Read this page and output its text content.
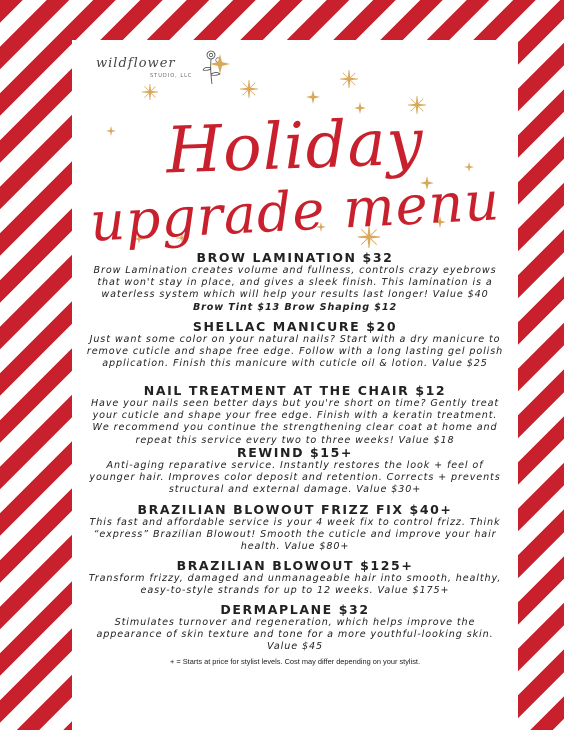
wildflower
STUDIO, LLC
Holiday
upgrade menu
BROW LAMINATION $32
Brow Lamination creates volume and fullness, controls crazy eyebrows that won't stay in place, and gives a sleek finish. This lamination is a waterless system which will help your results last longer! Value $40 Brow Tint $13 Brow Shaping $12
SHELLAC MANICURE $20
Just want some color on your natural nails? Start with a dry manicure to remove cuticle and shape free edge. Follow with a long lasting gel polish application. Finish this manicure with cuticle oil & lotion. Value $25
NAIL TREATMENT AT THE CHAIR $12
Have your nails seen better days but you're short on time? Gently treat your cuticle and shape your free edge. Finish with a keratin treatment. We recommend you continue the strengthening clear coat at home and repeat this service every two to three weeks! Value $18
REWIND $15+
Anti-aging reparative service. Instantly restores the look + feel of younger hair. Improves color deposit and retention. Corrects + prevents structural and external damage. Value $30+
BRAZILIAN BLOWOUT FRIZZ FIX $40+
This fast and affordable service is your 4 week fix to control frizz. Think “express” Brazilian Blowout! Smooth the cuticle and improve your hair health. Value $80+
BRAZILIAN BLOWOUT $125+
Transform frizzy, damaged and unmanageable hair into smooth, healthy, easy-to-style strands for up to 12 weeks. Value $175+
DERMAPLANE $32
Stimulates turnover and regeneration, which helps improve the appearance of skin texture and tone for a more youthful-looking skin. Value $45
+ = Starts at price for stylist levels. Cost may differ depending on your stylist.
